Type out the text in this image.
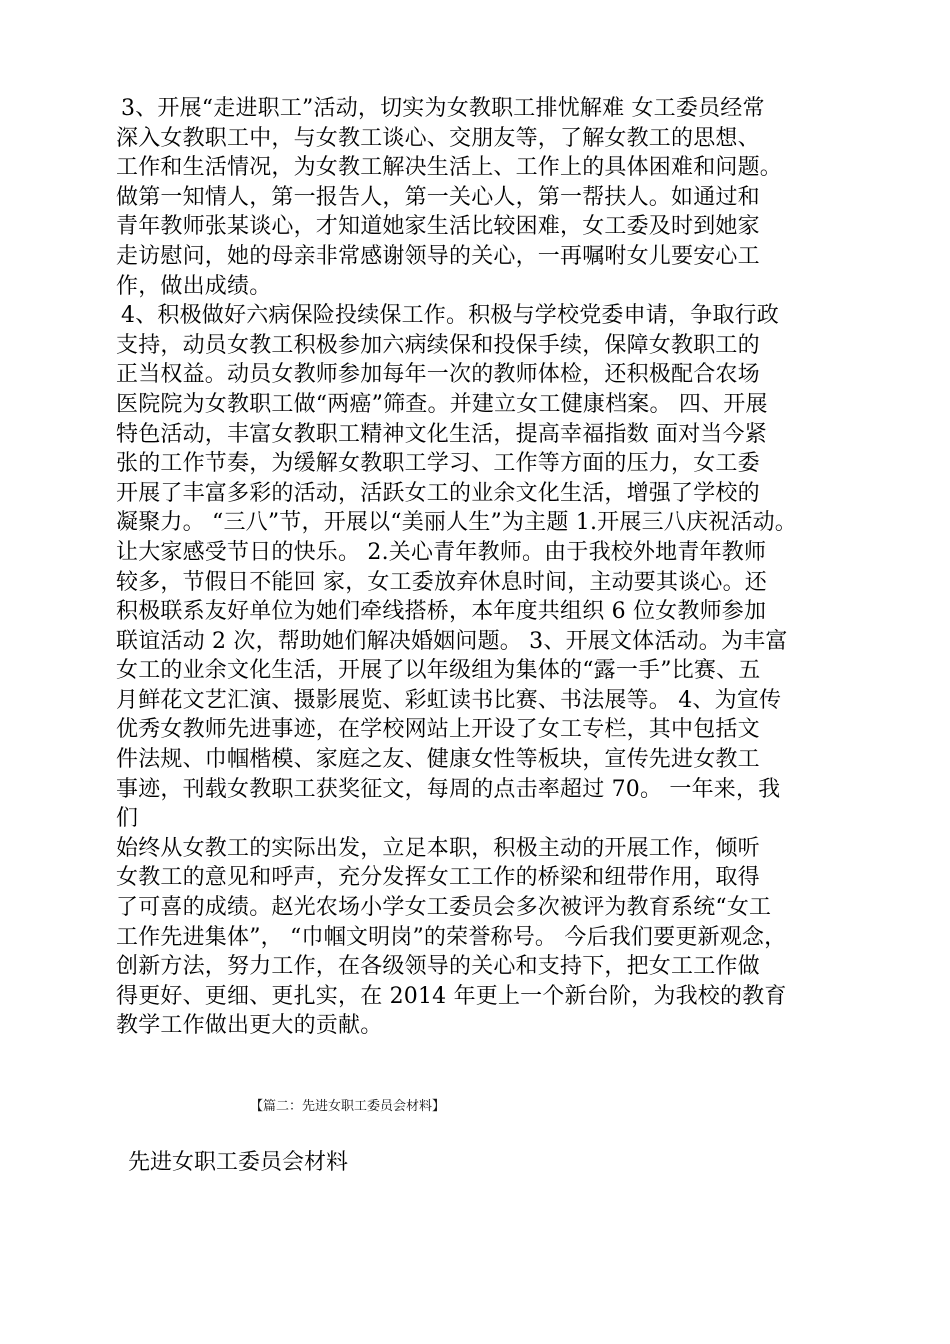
3、开展“走进职工”活动，切实为女教职工排忧解难 女工委员经常
深入女教职工中，与女教工谈心、交朋友等，了解女教工的思想、
工作和生活情况，为女教工解决生活上、工作上的具体困难和问题。
做第一知情人，第一报告人，第一关心人，第一帮扶人。如通过和
青年教师张某谈心，才知道她家生活比较困难，女工委及时到她家
走访慰问，她的母亲非常感谢领导的关心，一再嘱咐女儿要安心工
作，做出成绩。
4、积极做好六病保险投续保工作。积极与学校党委申请，争取行政
支持，动员女教工积极参加六病续保和投保手续，保障女教职工的
正当权益。动员女教师参加每年一次的教师体检，还积极配合农场
医院院为女教职工做“两癌”筛查。并建立女工健康档案。 四、开展
特色活动，丰富女教职工精神文化生活，提高幸福指数 面对当今紧
张的工作节奏，为缓解女教职工学习、工作等方面的压力，女工委
开展了丰富多彩的活动，活跃女工的业余文化生活，增强了学校的
凝聚力。 “三八”节，开展以“美丽人生”为主题 1.开展三八庆祝活动。
让大家感受节日的快乐。 2.关心青年教师。由于我校外地青年教师
较多，节假日不能回 家，女工委放弃休息时间，主动要其谈心。还
积极联系友好单位为她们牵线搭桥，本年度共组织 6 位女教师参加
联谊活动 2 次，帮助她们解决婚姻问题。 3、开展文体活动。为丰富
女工的业余文化生活，开展了以年级组为集体的“露一手”比赛、五
月鲜花文艺汇演、摄影展览、彩虹读书比赛、书法展等。 4、为宣传
优秀女教师先进事迹，在学校网站上开设了女工专栏，其中包括文
件法规、巾帼楷模、家庭之友、健康女性等板块，宣传先进女教工
事迹，刊载女教职工获奖征文，每周的点击率超过 70。 一年来，我
们
始终从女教工的实际出发，立足本职，积极主动的开展工作，倾听
女教工的意见和呼声，充分发挥女工工作的桥梁和纽带作用，取得
了可喜的成绩。赵光农场小学女工委员会多次被评为教育系统“女工
工作先进集体”， “巾帼文明岗”的荣誉称号。 今后我们要更新观念，
创新方法，努力工作，在各级领导的关心和支持下，把女工工作做
得更好、更细、更扎实，在 2014 年更上一个新台阶，为我校的教育
教学工作做出更大的贡献。
【篇二：先进女职工委员会材料】
先进女职工委员会材料
